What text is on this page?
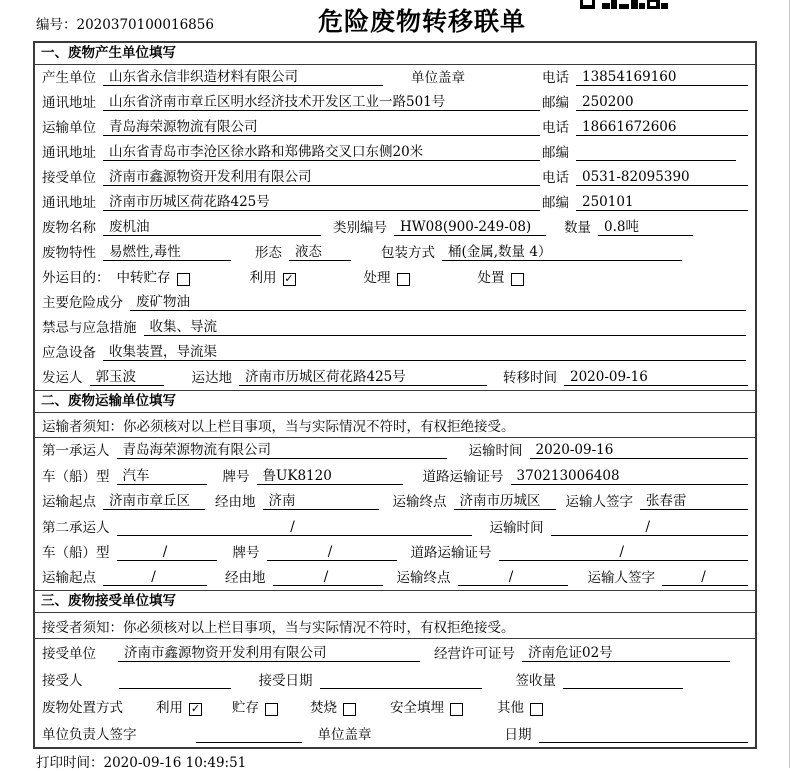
编号：2020370100016856	危险废物转移联单
一、废物产生单位填写
产生单位 山东省永信非织造材料有限公司	单位盖章	电话 13854169160
通讯地址 山东省济南市章丘区明水经济技术开发区工业一路501号	邮编 250200
运输单位 青岛海荣源物流有限公司	电话 18661672606
通讯地址 山东省青岛市李沧区徐水路和郑佛路交叉口东侧20米	邮编
接受单位 济南市鑫源物资开发利用有限公司	电话 0531-82095390
通讯地址 济南市历城区荷花路425号	邮编 250101
废物名称 废机油	类别编号 HW08(900-249-08)	数量 0.8吨
废物特性 易燃性,毒性	形态 液态	包装方式 桶(金属,数量 4）
外运目的： 中转贮存	利用 ✓	处理	处置
主要危险成分 废矿物油
禁忌与应急措施 收集、导流
应急设备 收集装置，导流渠
发运人 郭玉波	运达地 济南市历城区荷花路425号	转移时间 2020-09-16
二、废物运输单位填写
运输者须知：你必须核对以上栏目事项，当与实际情况不符时，有权拒绝接受。
第一承运人 青岛海荣源物流有限公司	运输时间 2020-09-16
车（船）型 汽车	牌号 鲁UK8120	道路运输证号 370213006408
运输起点 济南市章丘区	经由地 济南	运输终点 济南市历城区	运输人签字 张春雷
第二承运人	/	运输时间	/
车（船）型	/	牌号	/	道路运输证号	/
运输起点	/	经由地	/	运输终点	/	运输人签字	/
三、废物接受单位填写
接受者须知：你必须核对以上栏目事项，当与实际情况不符时，有权拒绝接受。
接受单位	济南市鑫源物资开发利用有限公司	经营许可证号 济南危证02号
接受人	接受日期	签收量
废物处置方式 利用 ✓ 贮存	焚烧	安全填埋	其他
单位负责人签字	单位盖章	日期
打印时间：2020-09-16 10:49:51
